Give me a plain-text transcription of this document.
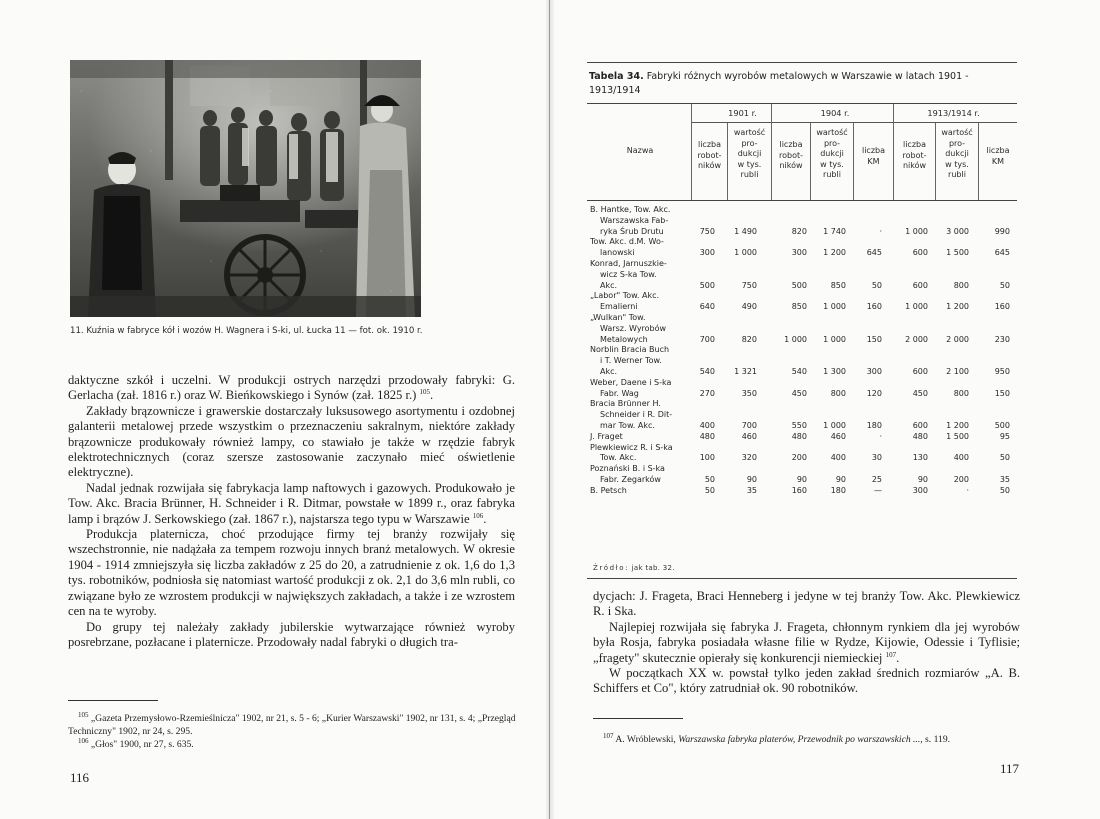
11. Kuźnia w fabryce kół i wozów H. Wagnera i S-ki, ul. Łucka 11 — fot. ok. 1910 r.

daktyczne szkół i uczelni. W produkcji ostrych narzędzi przodowały fabryki: G. Gerlacha (zał. 1816 r.) oraz W. Bieńkowskiego i Synów (zał. 1825 r.) $^{105}$.

Zakłady brązownicze i grawerskie dostarczały luksusowego asortymentu i ozdobnej galanterii metalowej przede wszystkim o przeznaczeniu sakralnym, niektóre zakłady brązownicze produkowały również lampy, co stawiało je także w rzędzie fabryk elektrotechnicznych (coraz szersze zastosowanie zaczynało mieć oświetlenie elektryczne).

Nadal jednak rozwijała się fabrykacja lamp naftowych i gazowych. Produkowało je Tow. Akc. Bracia Brünner, H. Schneider i R. Ditmar, powstałe w 1899 r., oraz fabryka lamp i brązów J. Serkowskiego (zał. 1867 r.), najstarsza tego typu w Warszawie $^{106}$.

Produkcja platernicza, choć przodujące firmy tej branży rozwijały się wszechstronnie, nie nadążała za tempem rozwoju innych branż metalowych. W okresie 1904 - 1914 zmniejszyła się liczba zakładów z 25 do 20, a zatrudnienie z ok. 1,6 do 1,3 tys. robotników, podniosła się natomiast wartość produkcji z ok. 2,1 do 3,6 mln rubli, co związane było ze wzrostem produkcji w największych zakładach, a także i ze wzrostem cen na te wyroby.

Do grupy tej należały zakłady jubilerskie wytwarzające również wyroby posrebrzane, pozłacane i platernicze. Przodowały nadal fabryki o długich tra-

$^{105}$ „Gazeta Przemysłowo-Rzemieślnicza" 1902, nr 21, s. 5 - 6; „Kurier Warszawski" 1902, nr 131, s. 4; „Przegląd Techniczny" 1902, nr 24, s. 295.

$^{106}$ „Głos" 1900, nr 27, s. 635.

116
Tabela 34. Fabryki różnych wyrobów metalowych w Warszawie w latach 1901 - 1913/1914
1901 r.	1904 r.	1913/1914 r.
Nazwa
liczba
robot-
ników
wartość
pro-
dukcji
w tys.
rubli
liczba
robot-
ników
wartość
pro-
dukcji
w tys.
rubli
liczba
KM
liczba
robot-
ników
wartość
pro-
dukcji
w tys.
rubli
liczba
KM
B. Hantke, Tow. Akc.
Warszawska Fab-
ryka Śrub Drutu	750	1 490	820	1 740	·	1 000	3 000	990
Tow. Akc. d.M. Wo-
lanowski	300	1 000	300	1 200	645	600	1 500	645
Konrad, Jarnuszkie-
wicz S-ka Tow.
Akc.	500	750	500	850	50	600	800	50
„Labor" Tow. Akc.
Emalierni	640	490	850	1 000	160	1 000	1 200	160
„Wulkan" Tow.
Warsz. Wyrobów
Metalowych	700	820	1 000	1 000	150	2 000	2 000	230
Norblin Bracia Buch
i T. Werner Tow.
Akc.	540	1 321	540	1 300	300	600	2 100	950
Weber, Daene i S-ka
Fabr. Wag	270	350	450	800	120	450	800	150
Bracia Brünner H.
Schneider i R. Dit-
mar Tow. Akc.	400	700	550	1 000	180	600	1 200	500
J. Fraget	480	460	480	460	·	480	1 500	95
Plewkiewicz R. i S-ka
Tow. Akc.	100	320	200	400	30	130	400	50
Poznański B. i S-ka
Fabr. Zegarków	50	90	90	90	25	90	200	35
B. Petsch	50	35	160	180	—	300	·	50
Źródło: jak tab. 32.

dycjach: J. Frageta, Braci Henneberg i jedyne w tej branży Tow. Akc. Plewkiewicz R. i Ska.

Najlepiej rozwijała się fabryka J. Frageta, chłonnym rynkiem dla jej wyrobów była Rosja, fabryka posiadała własne filie w Rydze, Kijowie, Odessie i Tyflisie; „fragety" skutecznie opierały się konkurencji niemieckiej $^{107}$.

W początkach XX w. powstał tylko jeden zakład średnich rozmiarów „A. B. Schiffers et Co", który zatrudniał ok. 90 robotników.

$^{107}$ A. Wróblewski, Warszawska fabryka platerów, Przewodnik po warszawskich ..., s. 119.

117
